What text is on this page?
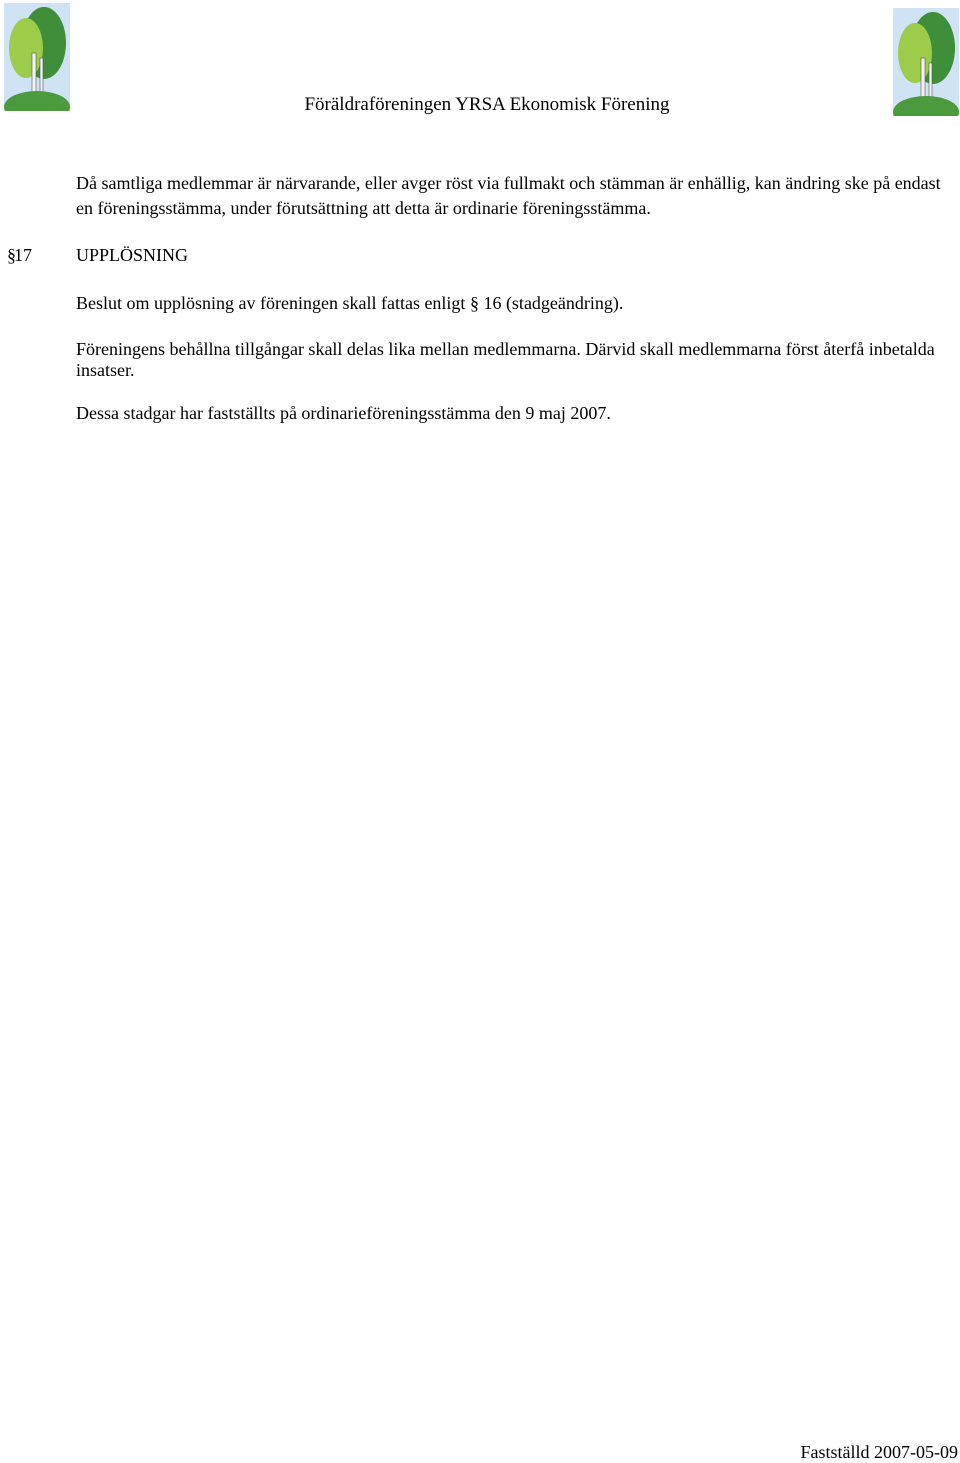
Föräldraföreningen YRSA Ekonomisk Förening

Då samtliga medlemmar är närvarande, eller avger röst via fullmakt och stämman är enhällig, kan ändring ske på endast en föreningsstämma, under förutsättning att detta är ordinarie föreningsstämma.

§
17 UPPLÖSNING

Beslut om upplösning av föreningen skall fattas enligt § 16 (stadgeändring).

Föreningens behållna tillgångar skall delas lika mellan medlemmarna. Därvid skall medlemmarna först återfå inbetalda insatser.

Dessa stadgar har fastställts på ordinarieföreningsstämma den 9 maj 2007.

Fastställd 2007-05-09
